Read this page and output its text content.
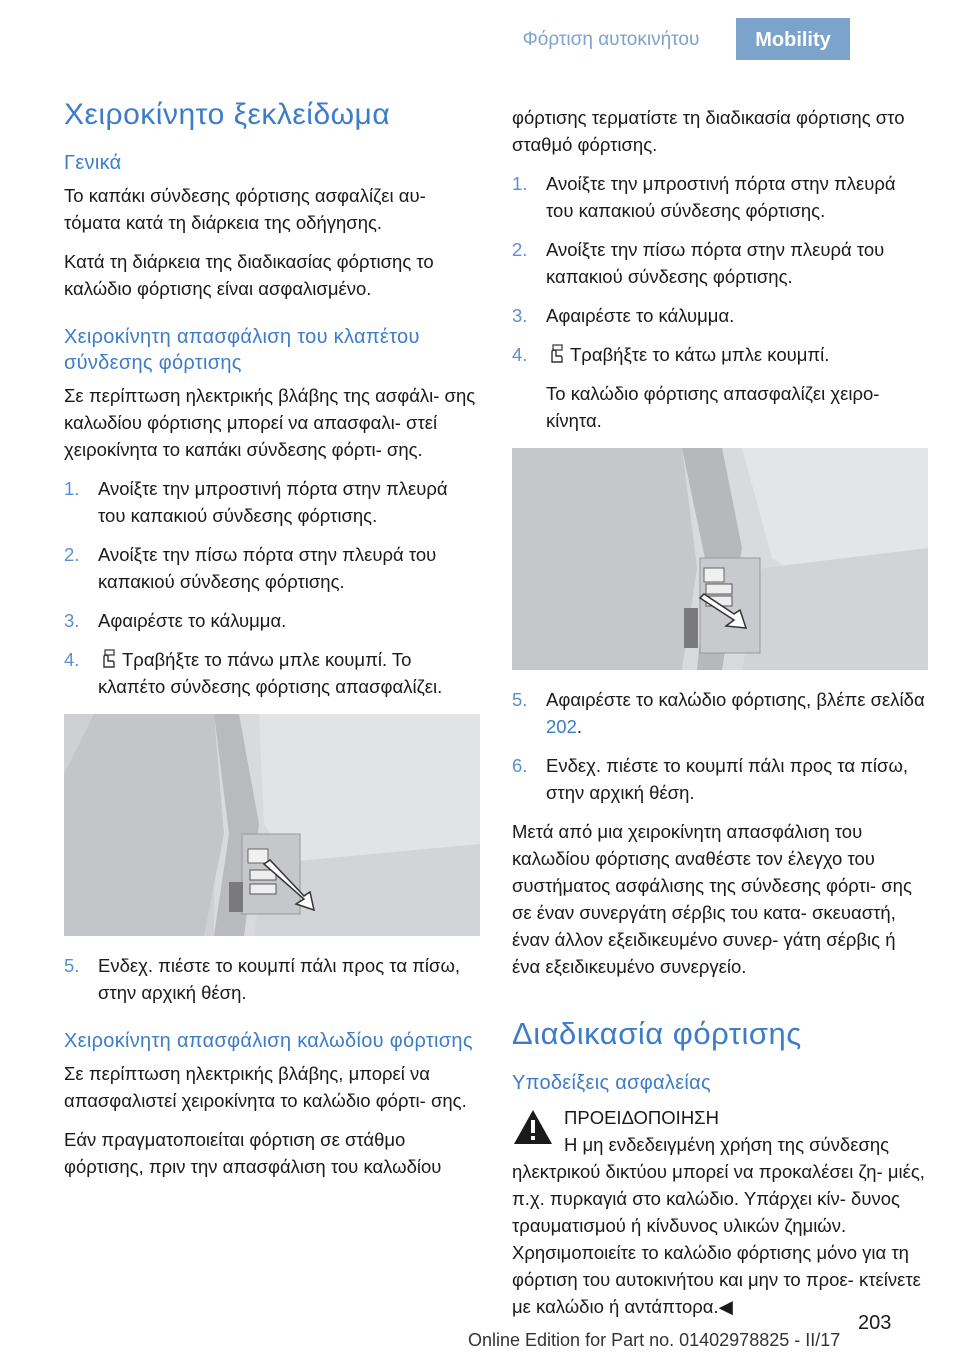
Φόρτιση αυτοκινήτου	Mobility
Χειροκίνητο ξεκλείδωμα
Γενικά

Το καπάκι σύνδεσης φόρτισης ασφαλίζει αυ- τόματα κατά τη διάρκεια της οδήγησης.

Κατά τη διάρκεια της διαδικασίας φόρτισης το καλώδιο φόρτισης είναι ασφαλισμένο.

Χειροκίνητη απασφάλιση του κλαπέτου σύνδεσης φόρτισης

Σε περίπτωση ηλεκτρικής βλάβης της ασφάλι- σης καλωδίου φόρτισης μπορεί να απασφαλι- στεί χειροκίνητα το καπάκι σύνδεσης φόρτι- σης.

1. Ανοίξτε την μπροστινή πόρτα στην πλευρά του καπακιού σύνδεσης φόρτισης.
2. Ανοίξτε την πίσω πόρτα στην πλευρά του καπακιού σύνδεσης φόρτισης.
3. Αφαιρέστε το κάλυμμα.
4. Τραβήξτε το πάνω μπλε κουμπί. Το κλαπέτο σύνδεσης φόρτισης απασφαλίζει.
5. Ενδεχ. πιέστε το κουμπί πάλι προς τα πίσω, στην αρχική θέση.
Χειροκίνητη απασφάλιση καλωδίου φόρτισης

Σε περίπτωση ηλεκτρικής βλάβης, μπορεί να απασφαλιστεί χειροκίνητα το καλώδιο φόρτι- σης.

Εάν πραγματοποιείται φόρτιση σε στάθμο φόρτισης, πριν την απασφάλιση του καλωδίου

φόρτισης τερματίστε τη διαδικασία φόρτισης στο σταθμό φόρτισης.

1. Ανοίξτε την μπροστινή πόρτα στην πλευρά του καπακιού σύνδεσης φόρτισης.
2. Ανοίξτε την πίσω πόρτα στην πλευρά του καπακιού σύνδεσης φόρτισης.
3. Αφαιρέστε το κάλυμμα.
4. Τραβήξτε το κάτω μπλε κουμπί.

Το καλώδιο φόρτισης απασφαλίζει χειρο- κίνητα.

5. Αφαιρέστε το καλώδιο φόρτισης, βλέπε σελίδα 202.
6. Ενδεχ. πιέστε το κουμπί πάλι προς τα πίσω, στην αρχική θέση.

Μετά από μια χειροκίνητη απασφάλιση του καλωδίου φόρτισης αναθέστε τον έλεγχο του συστήματος ασφάλισης της σύνδεσης φόρτι- σης σε έναν συνεργάτη σέρβις του κατα- σκευαστή, έναν άλλον εξειδικευμένο συνερ- γάτη σέρβις ή ένα εξειδικευμένο συνεργείο.

Διαδικασία φόρτισης
Υποδείξεις ασφαλείας
ΠΡΟΕΙΔΟΠΟΙΗΣΗ
Η μη ενδεδειγμένη χρήση της σύνδεσης

ηλεκτρικού δικτύου μπορεί να προκαλέσει ζη- μιές, π.χ. πυρκαγιά στο καλώδιο. Υπάρχει κίν- δυνος τραυματισμού ή κίνδυνος υλικών ζημιών. Χρησιμοποιείτε το καλώδιο φόρτισης μόνο για τη φόρτιση του αυτοκινήτου και μην το προε- κτείνετε με καλώδιο ή αντάπτορα.◀

203
Online Edition for Part no. 01402978825 - II/17
